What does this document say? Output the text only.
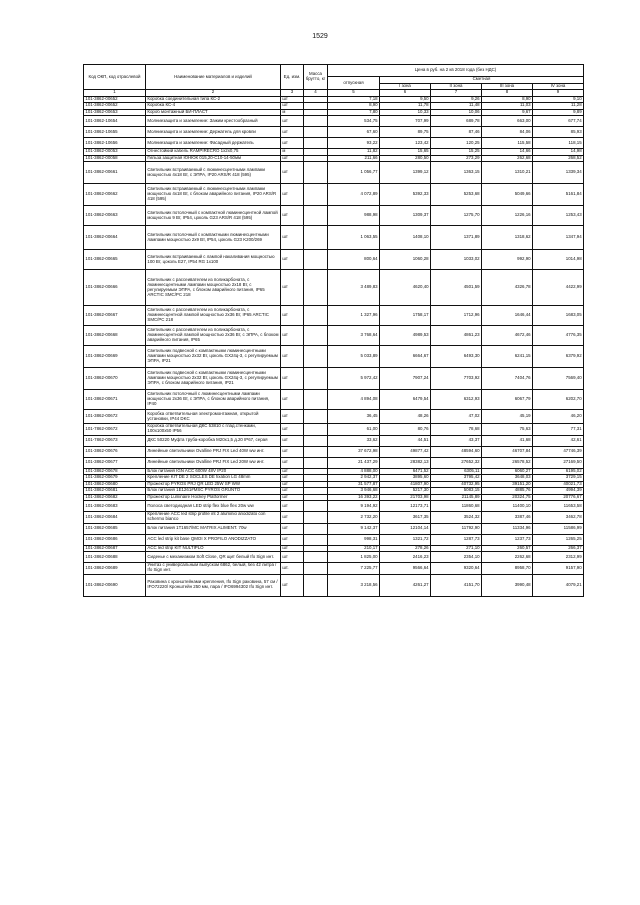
1529
Код ОКП, код отраслевой	Наименование материалов и изделий	Ед. изм.	Масса брутто, кг	Цена в руб. на 2 кв 2018 года (без НДС)				
				отпускная	Сметная			
					I зона	II зона	III зона	IV зона
1	2	3	4	5	6	7	8	9
101-3862-00652	Коробка соединительная типа КС-2	шт		7,18	9,50	9,26	8,90	9,10
101-3862-00652	Коробка КС-4	шт		8,90	11,78	11,48	11,03	11,28
101-3862-00653	Короб монтажный БИ-ПЛАСТ	м		7,80	10,33	10,06	9,67	9,89
101-3862-10654	Молниезащита и заземление: Зажим крестообразный	шт		534,75	707,99	689,78	663,00	677,74
101-3862-10655	Молниезащита и заземление: Держатель для кровли	шт		67,60	89,75	87,46	84,06	85,93
101-3862-10656	Молниезащита и заземление: Фасадный держатель	шт		93,22	123,42	120,25	115,58	118,15
101-3862-00053	Огнестойкий кабель RAMPIRECRO 1х2х0,75	м		11,82	15,65	15,25	14,66	14,98
101-3862-00058	Гильза защитная ЮНЮК 015,20-C10-14-50мм	шт		211,66	280,50	273,29	262,68	268,52
101-3862-00661	Светильник встраиваемый с люминесцентными лампами мощностью 4х18 Вт, с ЭПРА, IP20 ARS/R 418 (595)	шт		1 056,77	1399,12	1363,15	1310,21	1339,34
101-3862-00662	Светильник встраиваемый с люминесцентными лампами мощностью 4х18 Вт, с блоком аварийного питания, IP20 ARS/R 418 (595)	шт		4 072,89	5392,33	5253,68	5049,66	5161,84
101-3862-00663	Светильник потолочный с компактной люминесцентной лампой мощностью 9 Вт, IP54, цоколь G23 ARS/R 418 (595)	шт		988,98	1309,37	1275,70	1226,16	1253,43
101-3862-00664	Светильник потолочный с компактными люминесцентными лампами мощностью 2х9 Вт, IP54, цоколь G23 K200/269	шт		1 063,55	1408,10	1371,89	1318,62	1347,94
101-3862-00665	Светильник встраиваемый с лампой накаливания мощностью 100 Вт, цоколь E27, IP54 RG 1х100	шт		800,64	1060,28	1033,02	992,90	1014,98
101-3862-00666	Светильник с рассеивателем из поликарбоната, с люминесцентными лампами мощностью 2х18 Вт, с регулируемым ЭПРА, с блоком аварийного питания, IP65 ARCTIC SMC/PC 218	шт		3 489,83	4620,40	4501,59	4326,78	4422,99
101-3862-00667	Светильник с рассеивателем из поликарбоната, с люминесцентной лампой мощностью 2х36 Вт, IP65 ARCTIC SMC/PC 218	шт		1 327,96	1758,17	1712,96	1646,44	1683,05
101-3862-00668	Светильник с рассеивателем из поликарбоната, с люминесцентной лампой мощностью 2х36 Вт, с ЭПРА, с блоком аварийного питания, IP65	шт		3 768,64	4989,53	4861,23	4672,46	4776,35
101-3862-00669	Светильник подвесной с компактными люминесцентными лампами мощностью 2х32 Вт, цоколь GX24q-3, с регулируемым ЭПРА, IP21	шт		5 033,89	6664,67	6493,30	6241,15	6379,92
101-3862-00670	Светильник подвесной с компактными люминесцентными лампами мощностью 2х32 Вт, цоколь GX24q-3, с регулируемым ЭПРА, с блоком аварийного питания, IP21	шт		5 972,42	7907,24	7703,92	7404,76	7569,40
101-3862-00671	Светильник потолочный с люминесцентными лампами мощностью 2х36 Вт, с ЭПРА, с блоком аварийного питания, IP40	шт		4 894,08	6479,54	6312,93	6067,79	6202,70
101-3862-00672	Коробка ответвительная электромонтажная, открытой установки, IP44 DKC	шт		36,45	48,26	47,02	45,19	46,20
101-7862-00672	Коробка ответвительная ДКС 53810 с глад.стенками, 100х100х50 IP56	шт		61,00	80,76	78,68	75,63	77,31
101-7862-00673	ДКС 50220 Муфта труба-коробка M20х1,5 д.20 IP67, серая	шт		33,62	44,51	43,37	41,68	42,61
101-3862-00676	Линейные светильники Ovalline PRJ FIX Led 40W ww инт.	шт		37 672,98	49877,42	48594,60	46707,84	47746,39
101-3862-00677	Линейные светильники Ovalline PRJ FIX Led 20W ww инт.	шт		21 437,29	28382,13	27652,32	26578,52	27169,50
101-3862-00678	Блок питания IGN ACC 600W 48V IP20	шт		4 888,00	6471,52	6305,11	6060,27	6195,02
101-3862-00679	Крепление KIT DE 2 SOCLES DE fixation LG 48mm	шт		2 942,37	3895,60	3795,42	3648,03	3729,15
101-3862-00680	Прожектор PYROS PRJ QR LED 25W SP WW	шт		31 577,87	41807,90	40732,95	39151,20	40021,73
101-3862-00681	Блок питания 1E1261#MSC PYROS GRUNTO	шт		3 946,68	5217,30	5083,15	4885,76	4994,39
101-3862-00682	Прожектор Luminaire Hockey Platformer	шт		16 393,22	21703,98	21145,89	20324,75	20776,67
101-3862-00683	Полоса светодиодная LED strip flex blue flex 20w ww	шт		9 194,92	12173,71	11860,68	11400,10	11653,58
101-3862-00684	Крепление ACC led strip profile int 2 aluminio anodizato con schermo bianco	шт		2 732,20	3617,35	3524,32	3387,46	3462,78
101-3862-00685	Блок питания 1Т1657/MC MATRIX ALIMENT. 70w	шт		9 142,37	12104,14	11792,90	11334,96	11586,99
101-3862-00686	ACC led strip kit base QMOI X PROFILO ANODIZZATO	шт		998,31	1321,72	1287,73	1237,73	1265,25
101-3862-00687	ACC led strip KIT NULTIPLO	шт		210,17	278,26	271,10	260,57	266,37
101-3862-00688	Сиденье с механизмом Soft Close, QR щит белый Ifo Sign инт.	шт		1 825,00	2416,23	2354,10	2262,68	2312,99
101-3862-00689	Унитаз с универсальным выпуском 6862, белый, без 42 литра / Ifo Sign инт.	шт.		7 225,77	9566,64	9320,64	8958,70	9157,90
101-3862-00690	Раковина с кронштейнами крепления, Ifo Sign раковина, 57 см / IFO72220/ Кронштейн 250 мм, пара / IFO6994302 Ifo Sign инт.	шт		3 218,56	4261,27	4151,70	3990,48	4079,21
